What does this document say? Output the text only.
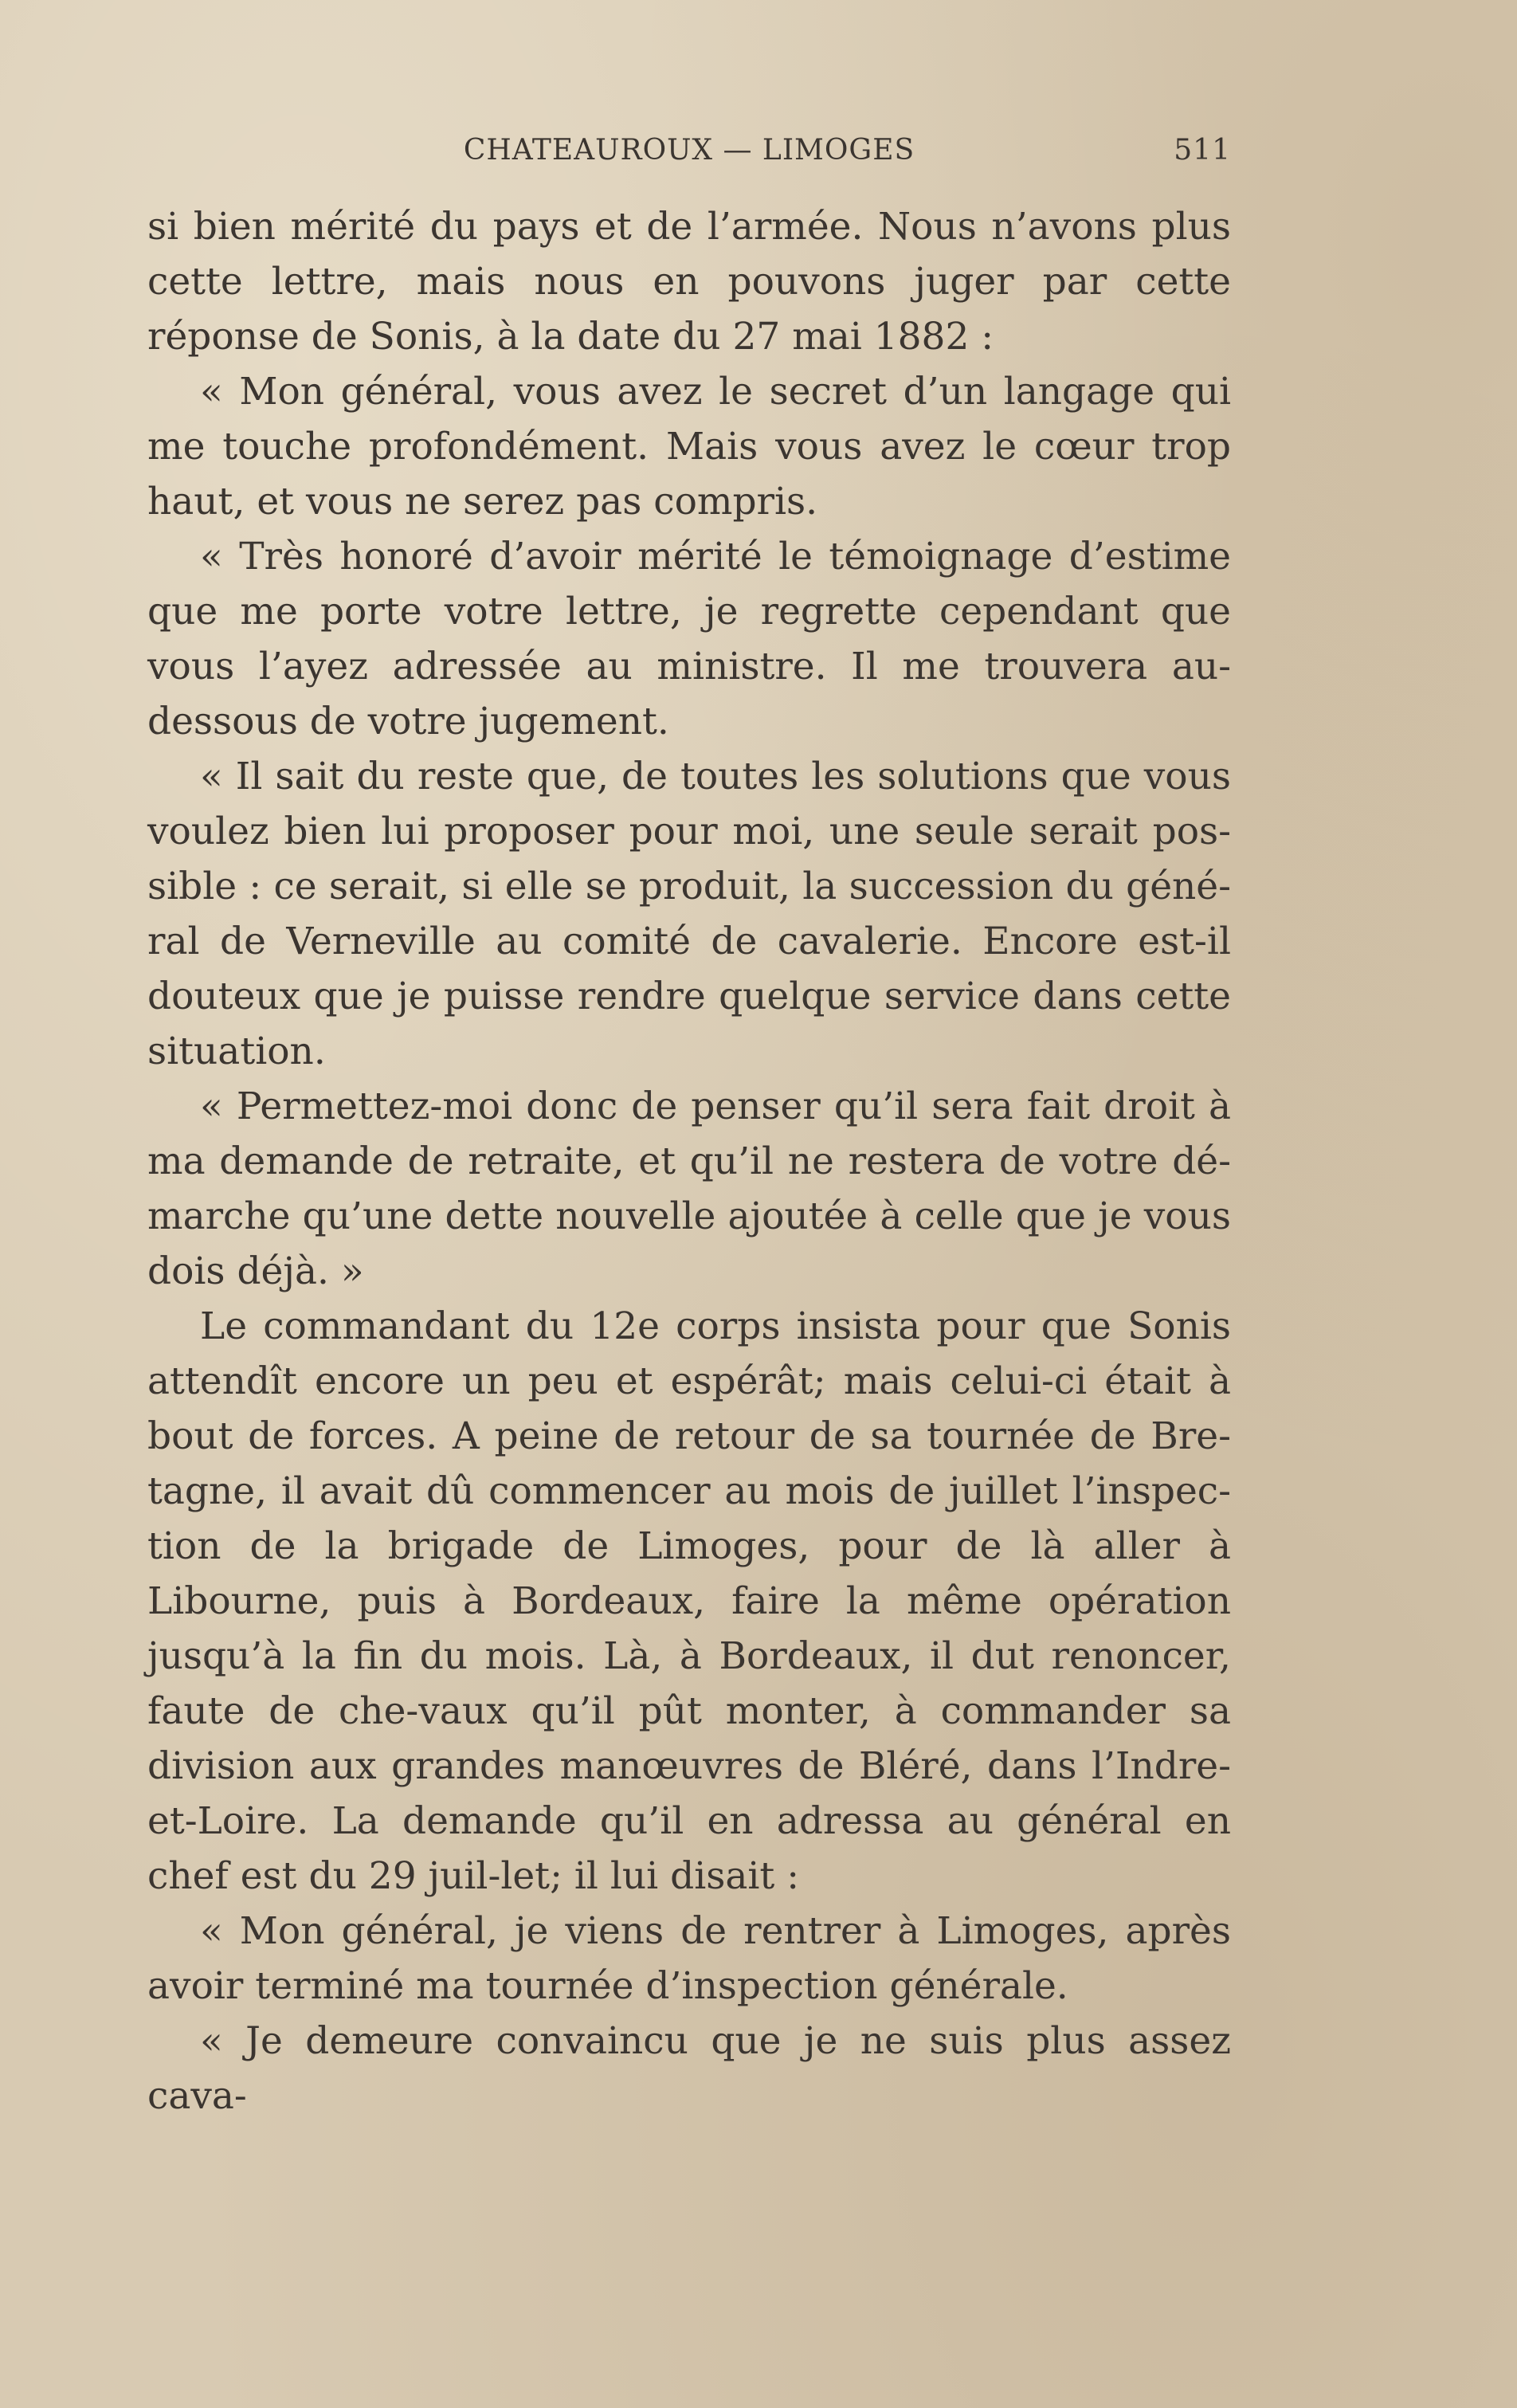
CHATEAUROUX — LIMOGES	511

si bien mérité du pays et de l’armée. Nous n’avons plus cette lettre, mais nous en pouvons juger par cette réponse de Sonis, à la date du 27 mai 1882 :

« Mon général, vous avez le secret d’un langage qui me touche profondément. Mais vous avez le cœur trop haut, et vous ne serez pas compris.

« Très honoré d’avoir mérité le témoignage d’estime que me porte votre lettre, je regrette cependant que vous l’ayez adressée au ministre. Il me trouvera au-dessous de votre jugement.

« Il sait du reste que, de toutes les solutions que vous voulez bien lui proposer pour moi, une seule serait pos-sible : ce serait, si elle se produit, la succession du géné-ral de Verneville au comité de cavalerie. Encore est-il douteux que je puisse rendre quelque service dans cette situation.

« Permettez-moi donc de penser qu’il sera fait droit à ma demande de retraite, et qu’il ne restera de votre dé-marche qu’une dette nouvelle ajoutée à celle que je vous dois déjà. »

Le commandant du 12e corps insista pour que Sonis attendît encore un peu et espérât; mais celui-ci était à bout de forces. A peine de retour de sa tournée de Bre-tagne, il avait dû commencer au mois de juillet l’inspec-tion de la brigade de Limoges, pour de là aller à Libourne, puis à Bordeaux, faire la même opération jusqu’à la fin du mois. Là, à Bordeaux, il dut renoncer, faute de che-vaux qu’il pût monter, à commander sa division aux grandes manœuvres de Bléré, dans l’Indre-et-Loire. La demande qu’il en adressa au général en chef est du 29 juil-let; il lui disait :

« Mon général, je viens de rentrer à Limoges, après avoir terminé ma tournée d’inspection générale.

« Je demeure convaincu que je ne suis plus assez cava-
